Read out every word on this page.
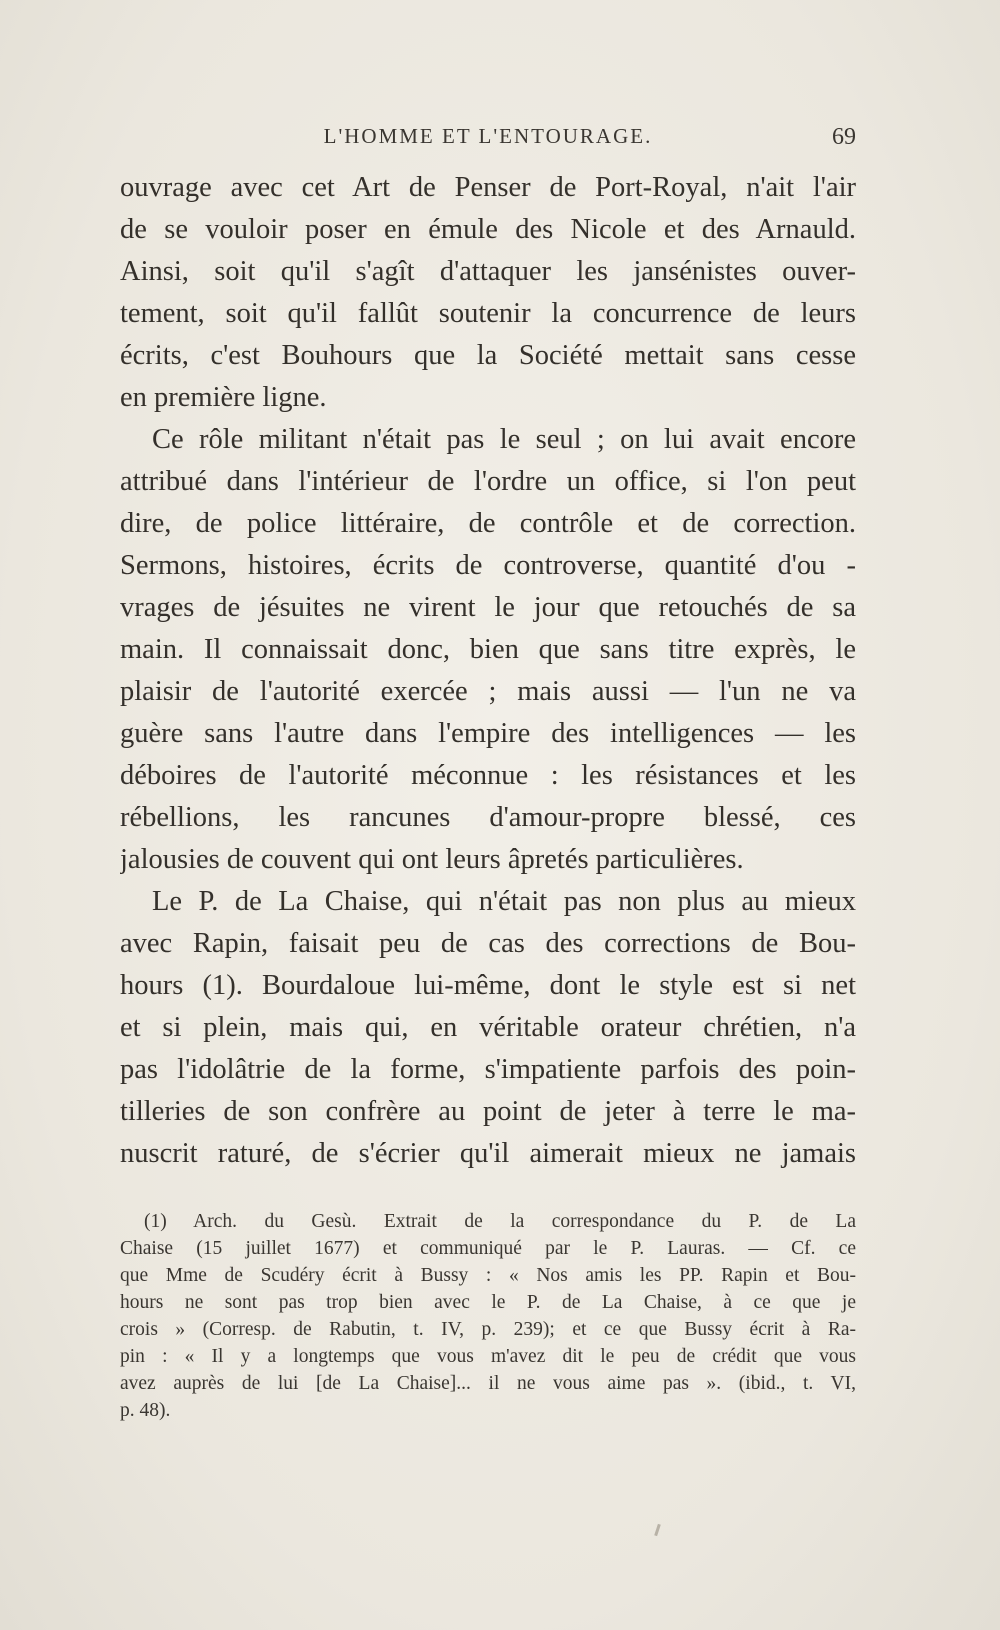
L'HOMME ET L'ENTOURAGE.	69
ouvrage avec cet Art de Penser de Port-Royal, n'ait l'air
de se vouloir poser en émule des Nicole et des Arnauld.
Ainsi, soit qu'il s'agît d'attaquer les jansénistes ouver-
tement, soit qu'il fallût soutenir la concurrence de leurs
écrits, c'est Bouhours que la Société mettait sans cesse
en première ligne.
Ce rôle militant n'était pas le seul ; on lui avait encore
attribué dans l'intérieur de l'ordre un office, si l'on peut
dire, de police littéraire, de contrôle et de correction.
Sermons, histoires, écrits de controverse, quantité d'ou -
vrages de jésuites ne virent le jour que retouchés de sa
main. Il connaissait donc, bien que sans titre exprès, le
plaisir de l'autorité exercée ; mais aussi — l'un ne va
guère sans l'autre dans l'empire des intelligences — les
déboires de l'autorité méconnue : les résistances et les
rébellions, les rancunes d'amour-propre blessé, ces
jalousies de couvent qui ont leurs âpretés particulières.
Le P. de La Chaise, qui n'était pas non plus au mieux
avec Rapin, faisait peu de cas des corrections de Bou-
hours (1). Bourdaloue lui-même, dont le style est si net
et si plein, mais qui, en véritable orateur chrétien, n'a
pas l'idolâtrie de la forme, s'impatiente parfois des poin-
tilleries de son confrère au point de jeter à terre le ma-
nuscrit raturé, de s'écrier qu'il aimerait mieux ne jamais
(1) Arch. du Gesù. Extrait de la correspondance du P. de La
Chaise (15 juillet 1677) et communiqué par le P. Lauras. — Cf. ce
que Mme de Scudéry écrit à Bussy : « Nos amis les PP. Rapin et Bou-
hours ne sont pas trop bien avec le P. de La Chaise, à ce que je
crois » (Corresp. de Rabutin, t. IV, p. 239); et ce que Bussy écrit à Ra-
pin : « Il y a longtemps que vous m'avez dit le peu de crédit que vous
avez auprès de lui [de La Chaise]... il ne vous aime pas ». (ibid., t. VI,
p. 48).
